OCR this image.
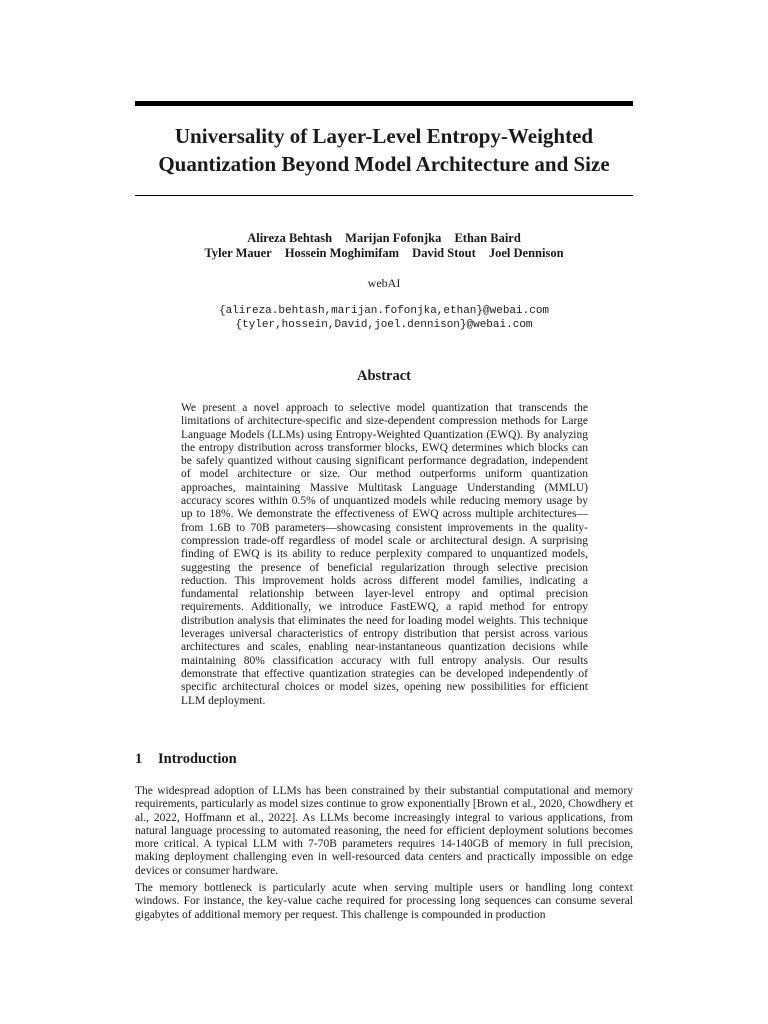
Universality of Layer-Level Entropy-Weighted
Quantization Beyond Model Architecture and Size
Alireza Behtash Marijan Fofonjka Ethan Baird
Tyler Mauer Hossein Moghimifam David Stout Joel Dennison
webAI
{alireza.behtash,marijan.fofonjka,ethan}@webai.com
{tyler,hossein,David,joel.dennison}@webai.com
Abstract

We present a novel approach to selective model quantization that transcends the limitations of architecture-specific and size-dependent compression methods for Large Language Models (LLMs) using Entropy-Weighted Quantization (EWQ). By analyzing the entropy distribution across transformer blocks, EWQ determines which blocks can be safely quantized without causing significant performance degradation, independent of model architecture or size. Our method outperforms uniform quantization approaches, maintaining Massive Multitask Language Understanding (MMLU) accuracy scores within 0.5% of unquantized models while reducing memory usage by up to 18%. We demonstrate the effectiveness of EWQ across multiple architectures—from 1.6B to 70B parameters—showcasing consistent improvements in the quality-compression trade-off regardless of model scale or architectural design. A surprising finding of EWQ is its ability to reduce perplexity compared to unquantized models, suggesting the presence of beneficial regularization through selective precision reduction. This improvement holds across different model families, indicating a fundamental relationship between layer-level entropy and optimal precision requirements. Additionally, we introduce FastEWQ, a rapid method for entropy distribution analysis that eliminates the need for loading model weights. This technique leverages universal characteristics of entropy distribution that persist across various architectures and scales, enabling near-instantaneous quantization decisions while maintaining 80% classification accuracy with full entropy analysis. Our results demonstrate that effective quantization strategies can be developed independently of specific architectural choices or model sizes, opening new possibilities for efficient LLM deployment.

1 Introduction

The widespread adoption of LLMs has been constrained by their substantial computational and memory requirements, particularly as model sizes continue to grow exponentially [Brown et al., 2020, Chowdhery et al., 2022, Hoffmann et al., 2022]. As LLMs become increasingly integral to various applications, from natural language processing to automated reasoning, the need for efficient deployment solutions becomes more critical. A typical LLM with 7-70B parameters requires 14-140GB of memory in full precision, making deployment challenging even in well-resourced data centers and practically impossible on edge devices or consumer hardware.

The memory bottleneck is particularly acute when serving multiple users or handling long context windows. For instance, the key-value cache required for processing long sequences can consume several gigabytes of additional memory per request. This challenge is compounded in production
